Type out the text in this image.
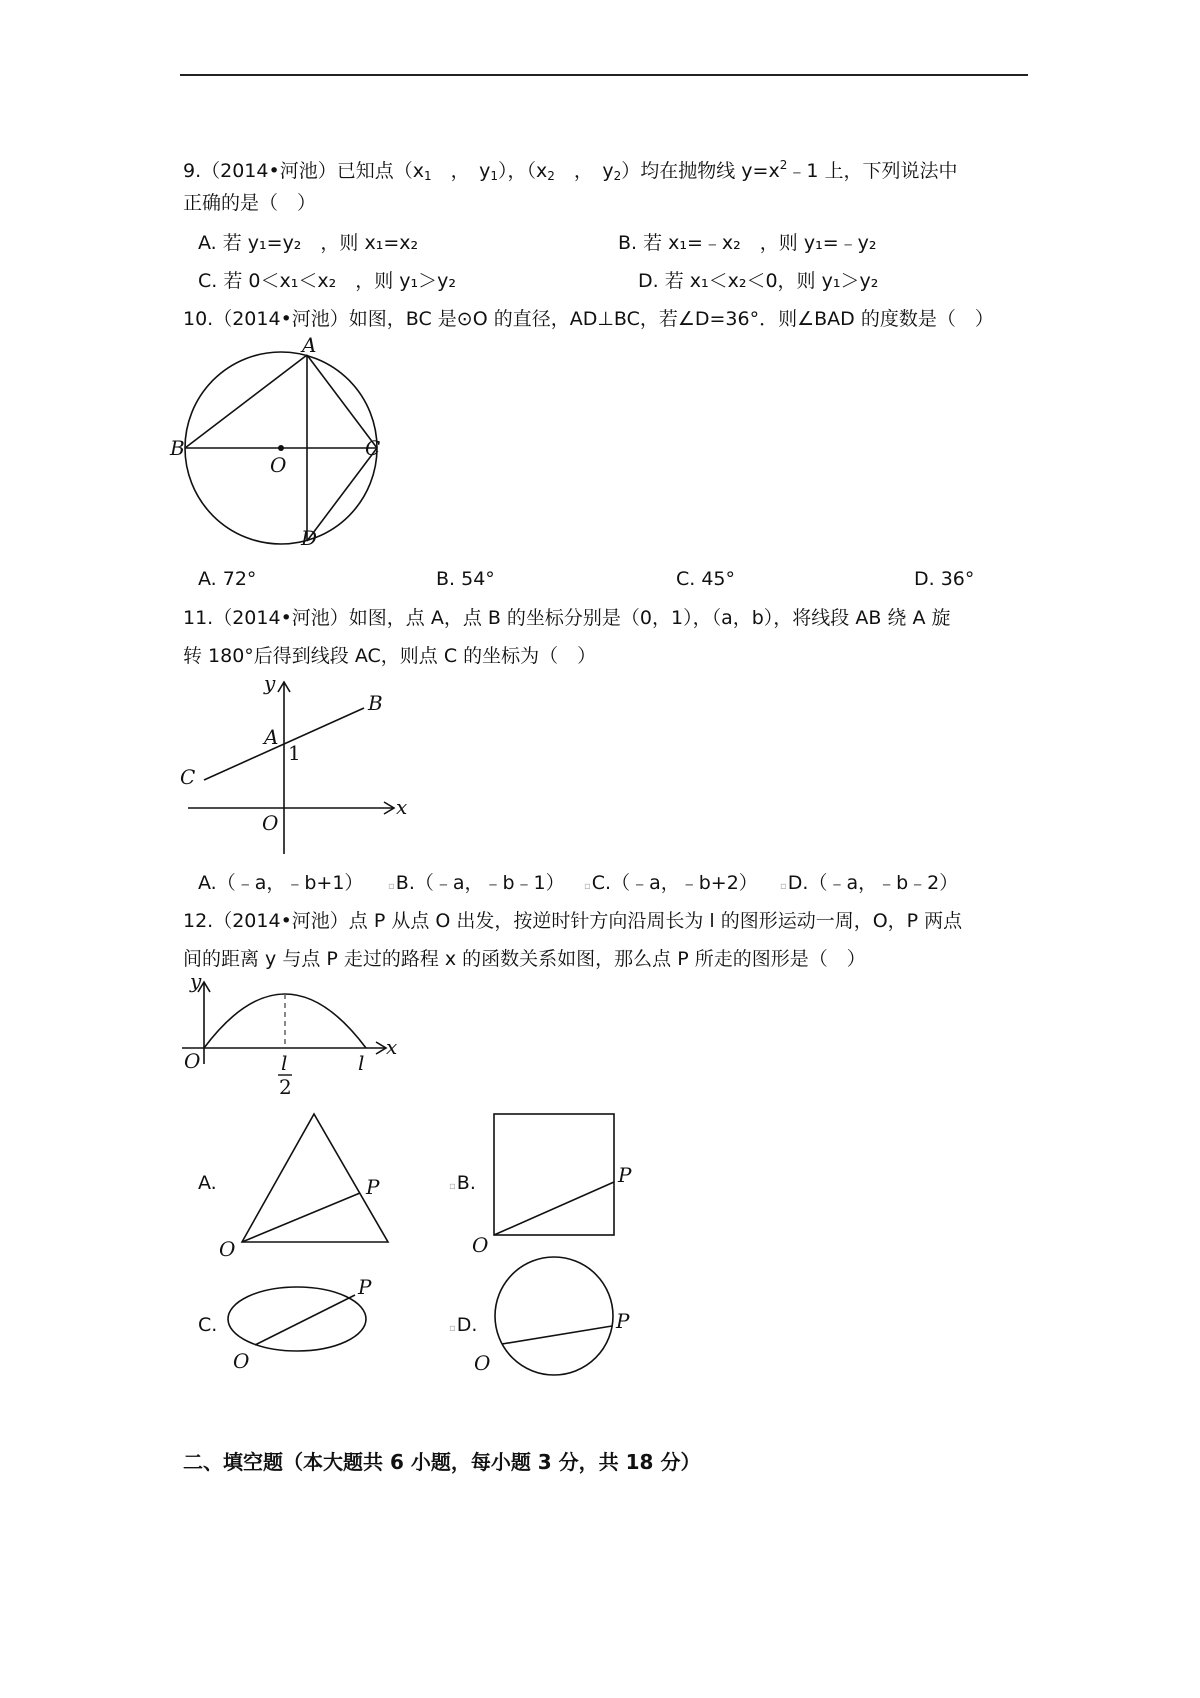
9.（2014•河池）已知点（$x_1$　，　$y_1$），（$x_2$　，　$y_2$）均在抛物线 $y=x^2﹣1$ 上，下列说法中
正确的是（　）
A. 若 y₁=y₂　，则 x₁=x₂	B. 若 x₁=﹣x₂　，则 y₁=﹣y₂
C. 若 0＜x₁＜x₂　，则 y₁＞y₂	D. 若 x₁＜x₂＜0，则 y₁＞y₂
10.（2014•河池）如图，BC 是⊙O 的直径，AD⊥BC，若∠D=36°．则∠BAD 的度数是（　）
A
B	C
D
O
A. 72°	B. 54°	C. 45°	D. 36°
11.（2014•河池）如图，点 A，点 B 的坐标分别是（0，1），（a，b），将线段 AB 绕 A 旋
转 180°后得到线段 AC，则点 C 的坐标为（　）
y
x
B
A
1
C
O
A.（﹣a，﹣b+1） ▫B.（﹣a，﹣b﹣1） ▫C.（﹣a，﹣b+2） ▫D.（﹣a，﹣b﹣2）
12.（2014•河池）点 P 从点 O 出发，按逆时针方向沿周长为 l 的图形运动一周，O，P 两点
间的距离 y 与点 P 走过的路程 x 的函数关系如图，那么点 P 所走的图形是（　）
y
x
O	l
2
l
A.
O
P	▫B.
O
P
C.
O
P
▫D.
O
P
二、填空题（本大题共 6 小题，每小题 3 分，共 18 分）
